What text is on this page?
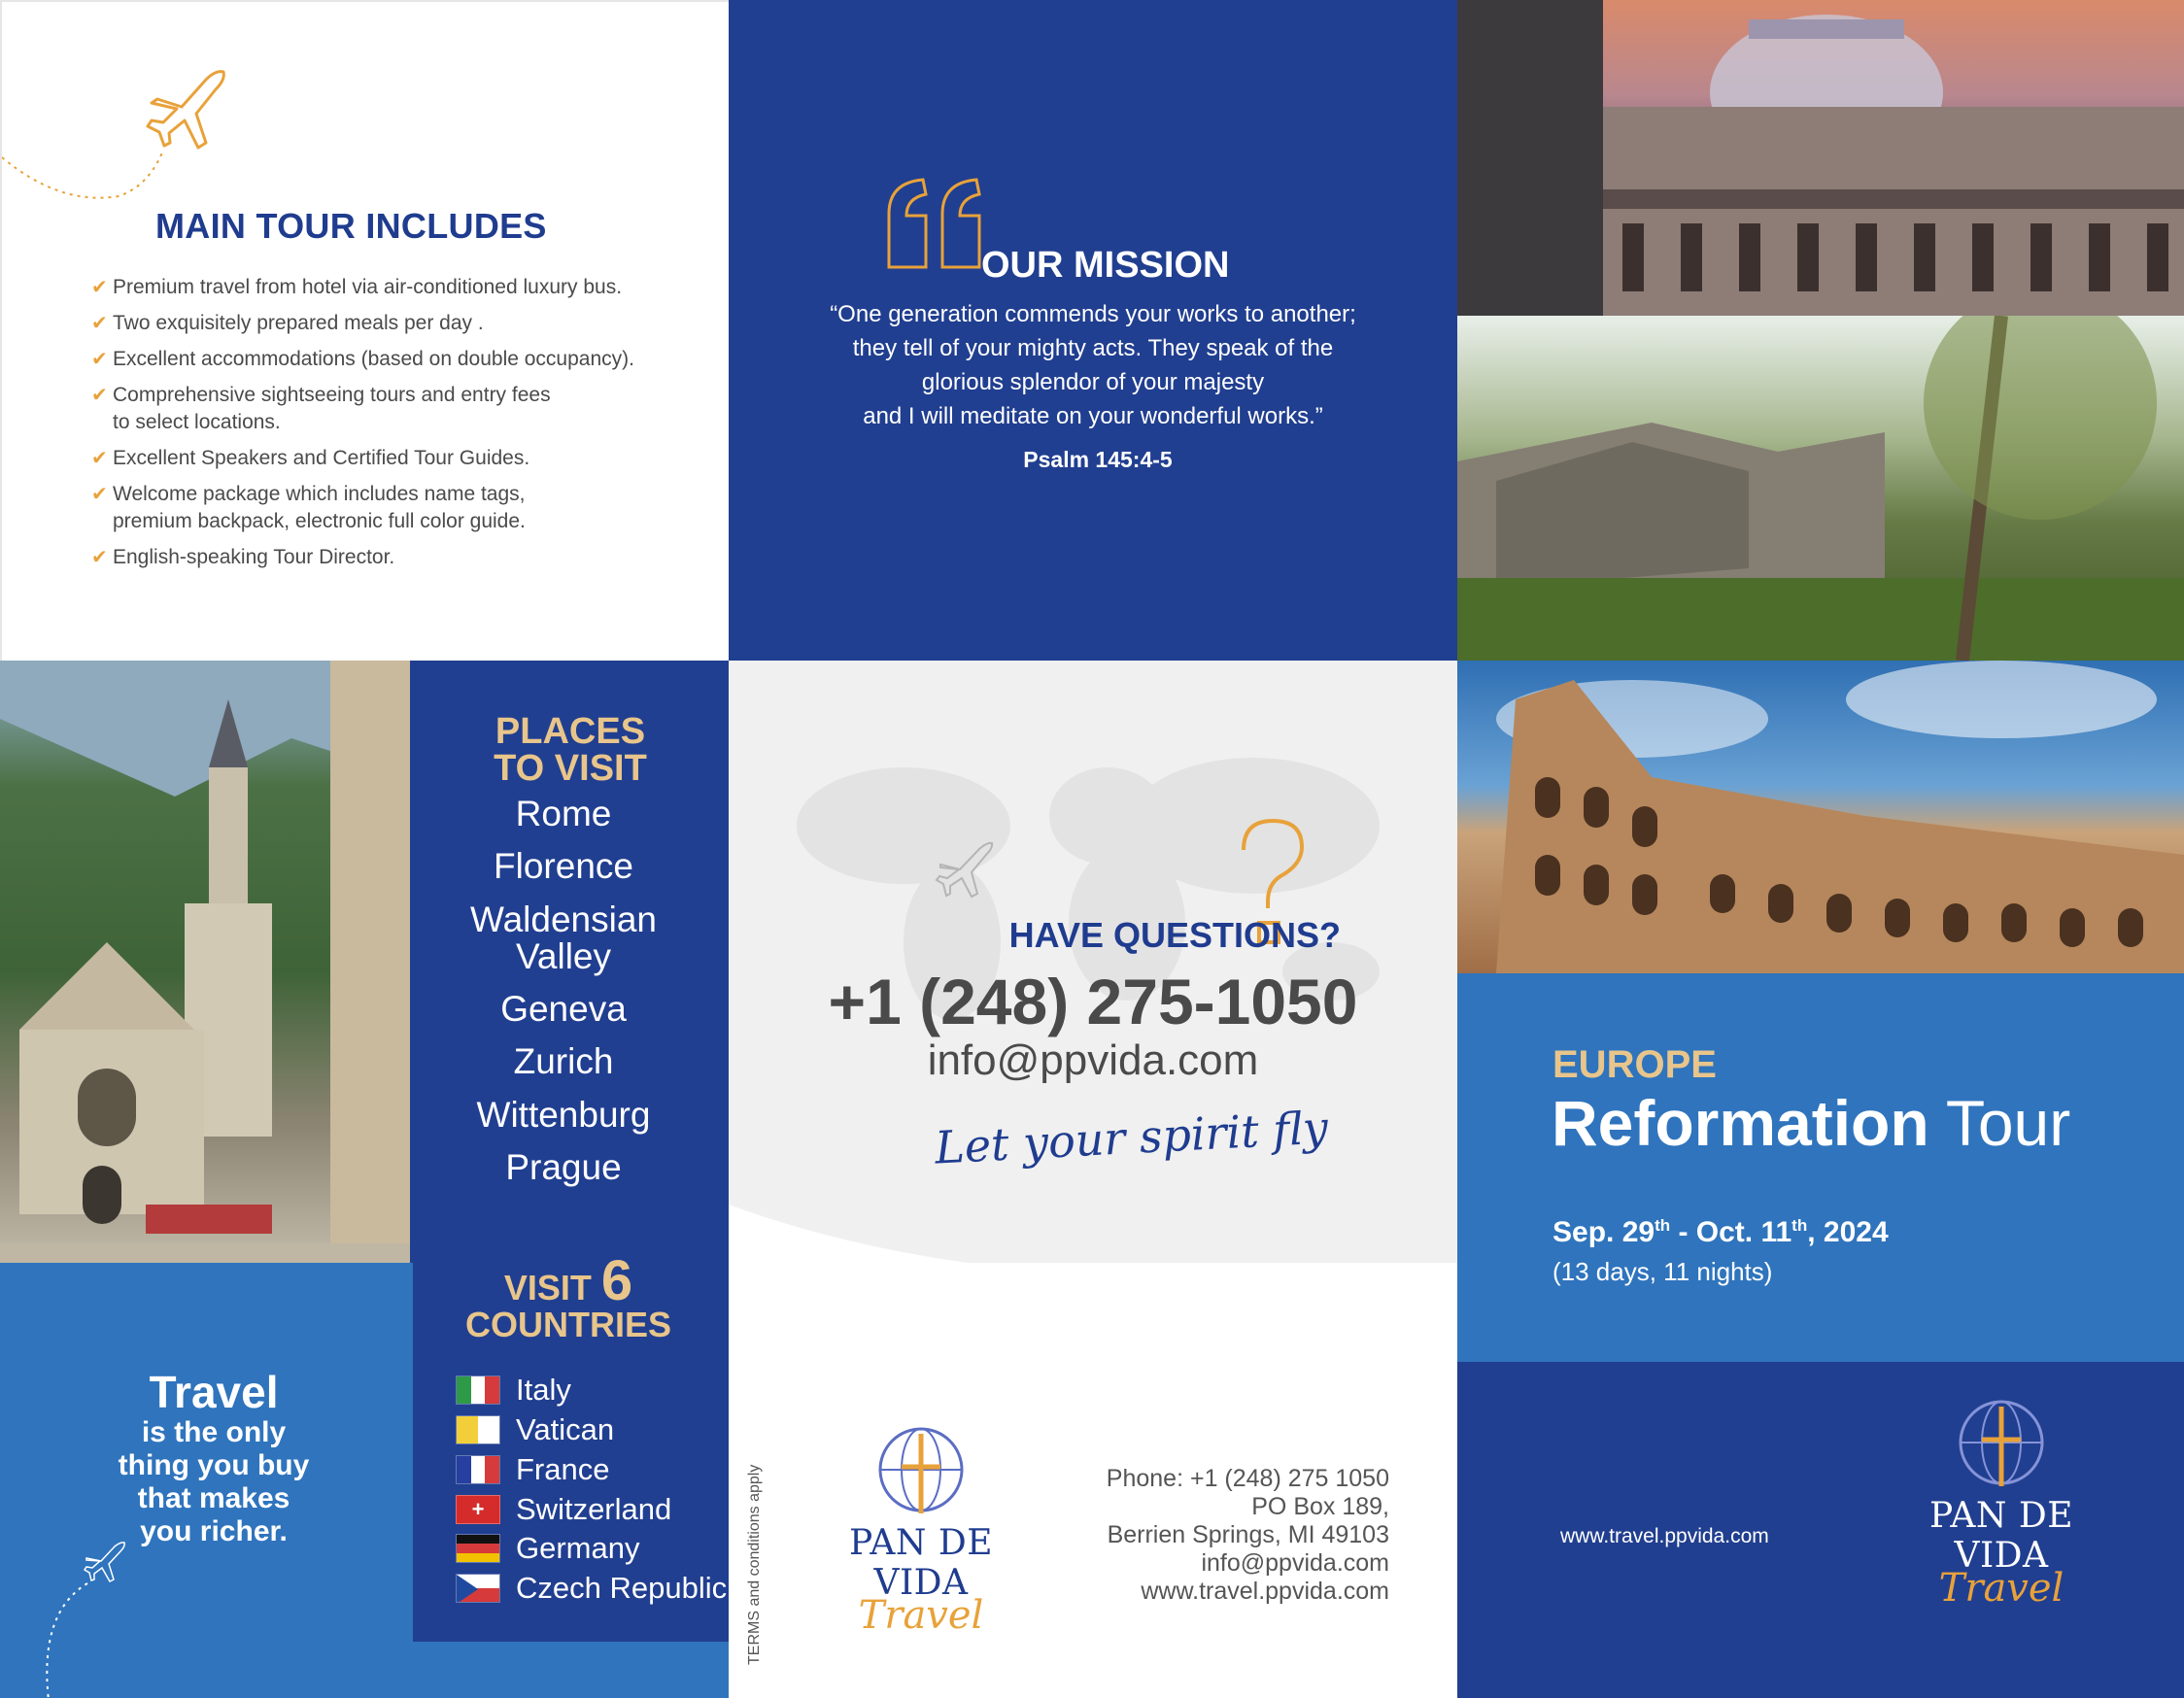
MAIN TOUR INCLUDES
✔ Premium travel from hotel via air-conditioned luxury bus.
✔ Two exquisitely prepared meals per day .
✔ Excellent accommodations (based on double occupancy).
✔ Comprehensive sightseeing tours and entry fees
to select locations.
✔ Excellent Speakers and Certified Tour Guides.
✔ Welcome package which includes name tags,
premium backpack, electronic full color guide.
✔ English-speaking Tour Director.
OUR MISSION
“One generation commends your works to another;
they tell of your mighty acts. They speak of the
glorious splendor of your majesty
and I will meditate on your wonderful works.”
Psalm 145:4-5
PLACES
TO VISIT
Rome
Florence
Waldensian
Valley
Geneva
Zurich
Wittenburg
Prague
Travel
is the only
thing you buy
that makes
you richer.
VISIT 6
COUNTRIES
Italy
Vatican
France
+	Switzerland
Germany
Czech Republic
HAVE QUESTIONS?
+1 (248) 275-1050
info@ppvida.com
Let your spirit fly
TERMS and conditions apply	PAN DE VIDA
Travel
Phone: +1 (248) 275 1050
PO Box 189,
Berrien Springs, MI 49103
info@ppvida.com
www.travel.ppvida.com
EUROPE
Reformation Tour
Sep. 29th - Oct. 11th, 2024
(13 days, 11 nights)
www.travel.ppvida.com
PAN DE VIDA
Travel
